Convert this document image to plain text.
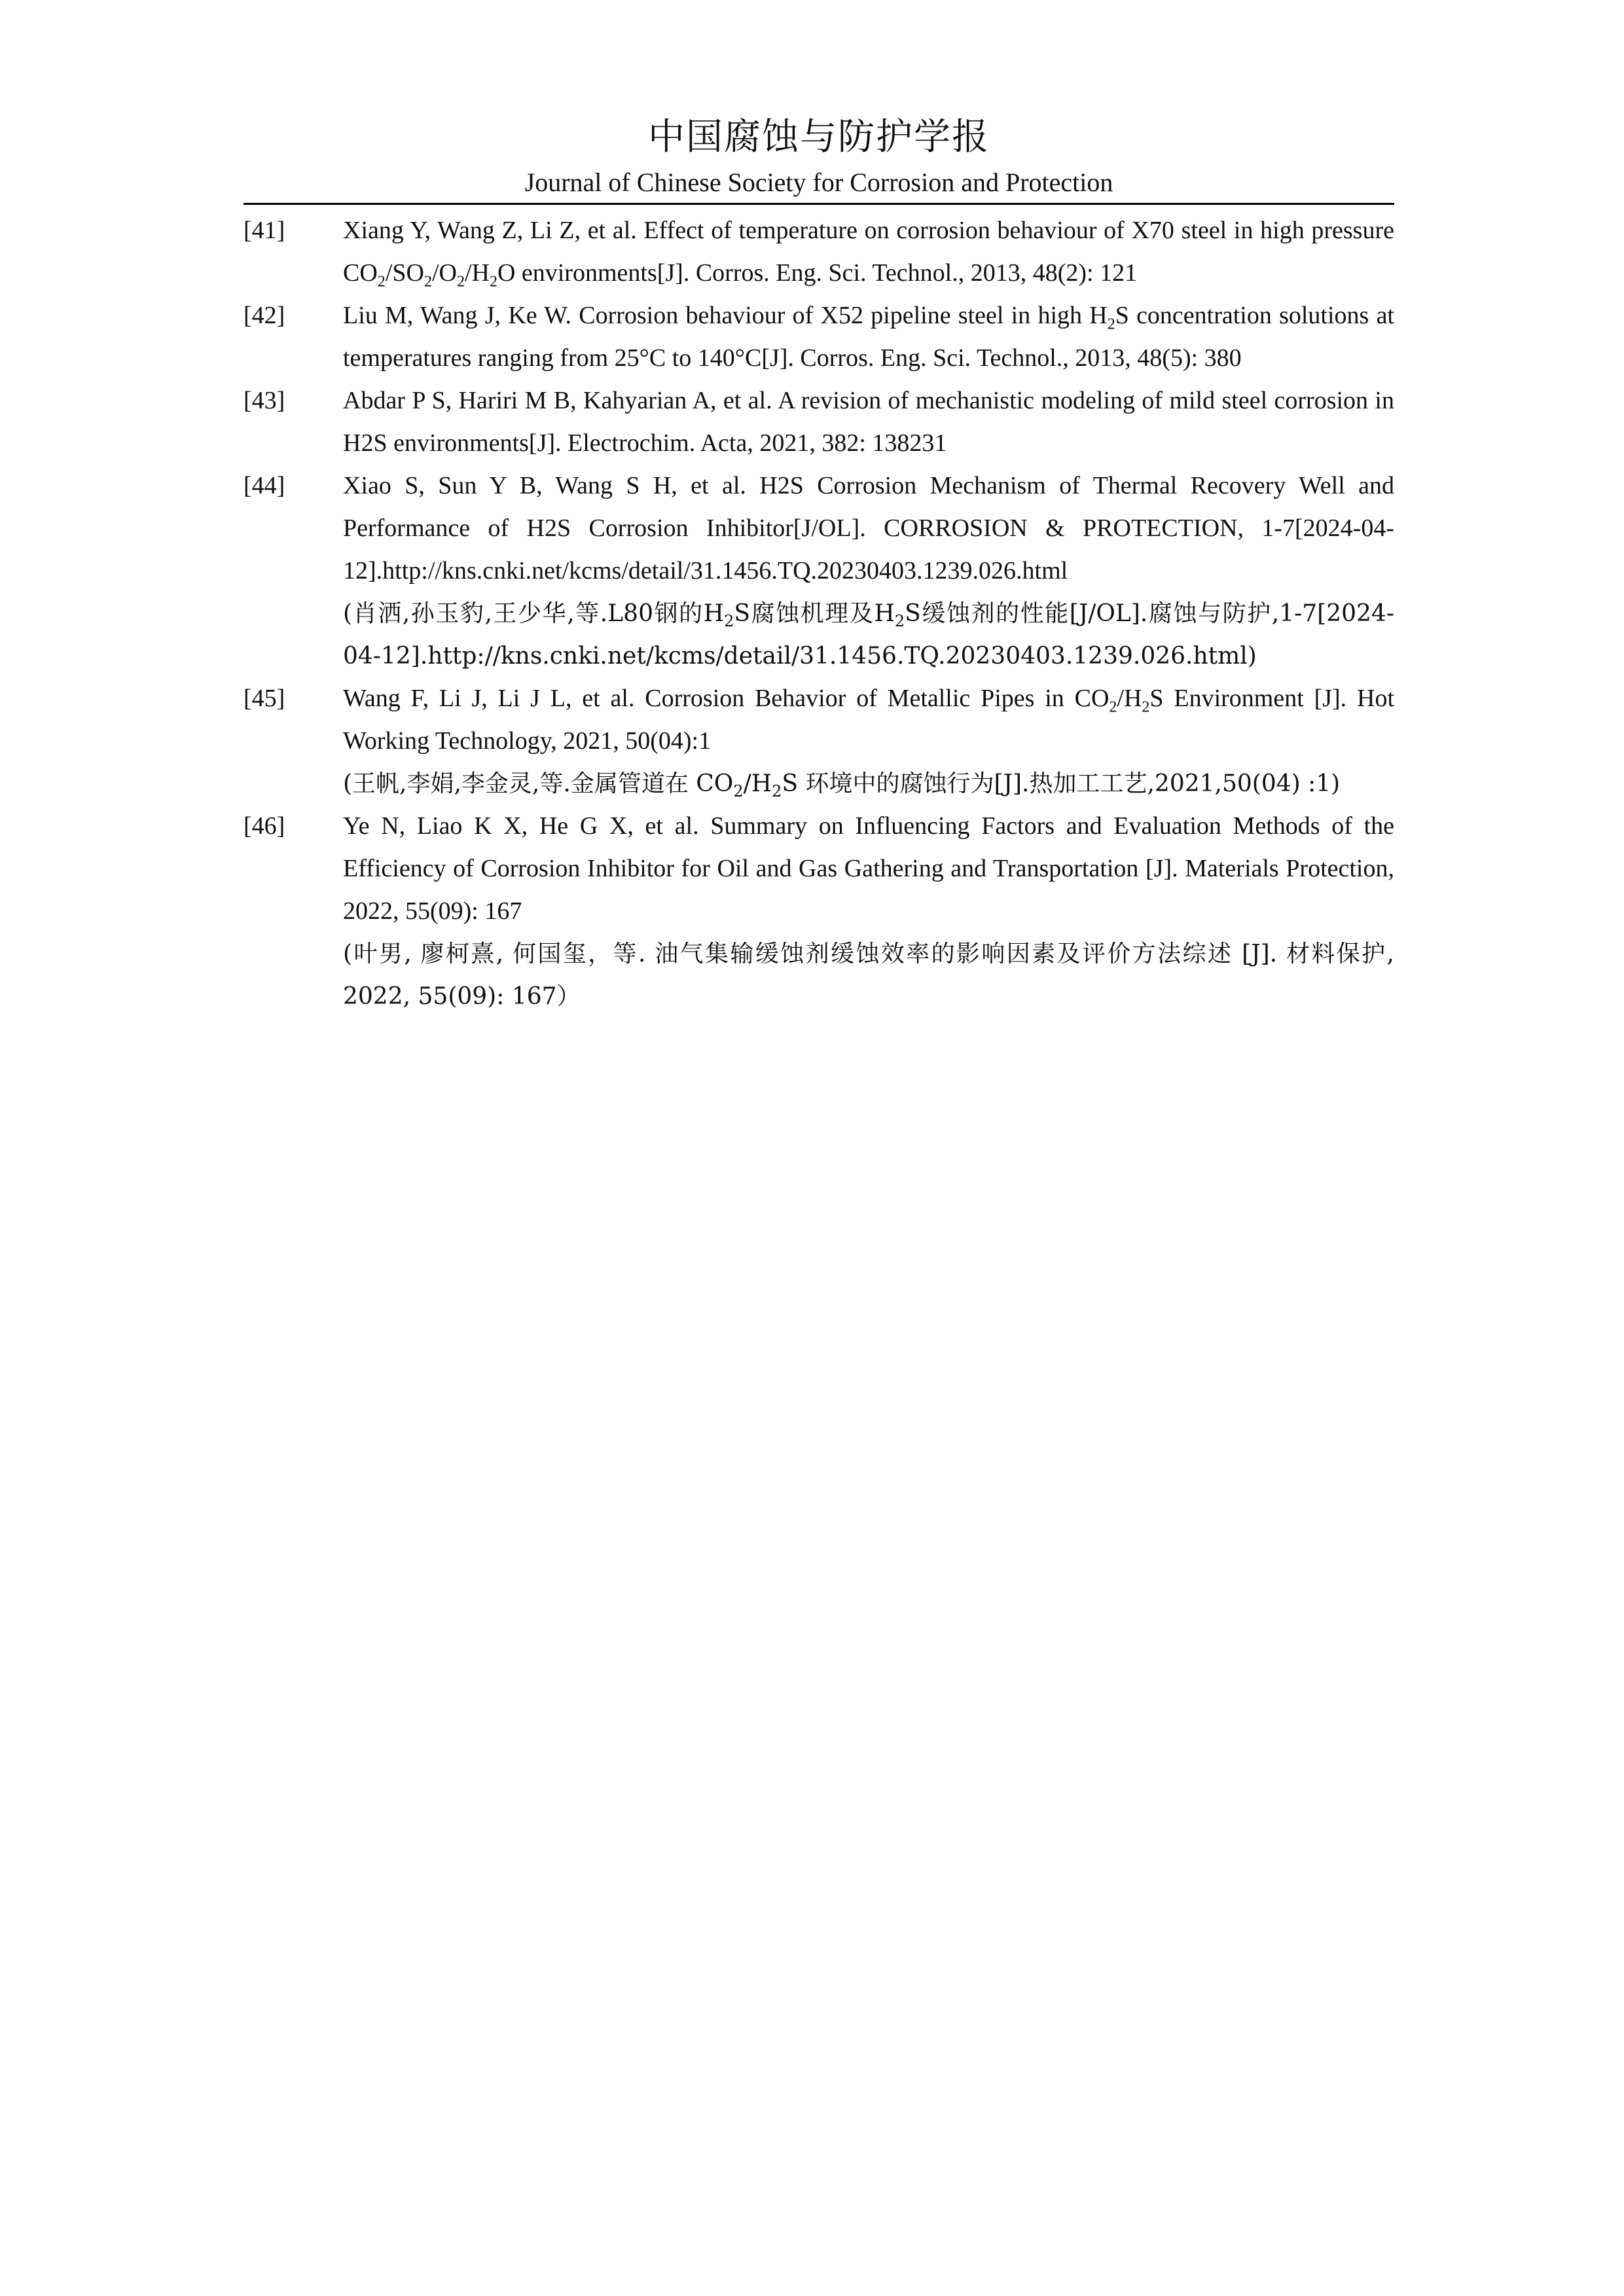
中国腐蚀与防护学报
Journal of Chinese Society for Corrosion and Protection
[41] Xiang Y, Wang Z, Li Z, et al. Effect of temperature on corrosion behaviour of X70 steel in high pressure $CO_2/SO_2/O_2/H_2O$ environments[J]. Corros. Eng. Sci. Technol., 2013, 48(2): 121
[42] Liu M, Wang J, Ke W. Corrosion behaviour of X52 pipeline steel in high $H_2S$ concentration solutions at temperatures ranging from 25°C to 140°C[J]. Corros. Eng. Sci. Technol., 2013, 48(5): 380
[43] Abdar P S, Hariri M B, Kahyarian A, et al. A revision of mechanistic modeling of mild steel corrosion in H2S environments[J]. Electrochim. Acta, 2021, 382: 138231
[44] Xiao S, Sun Y B, Wang S H, et al. H2S Corrosion Mechanism of Thermal Recovery Well and Performance of H2S Corrosion Inhibitor[J/OL]. CORROSION & PROTECTION, 1-7[2024-04-12].http://kns.cnki.net/kcms/detail/31.1456.TQ.20230403.1239.026.html
(肖洒,孙玉豹,王少华,等.L80钢的$H_2S$腐蚀机理及$H_2S$缓蚀剂的性能[J/OL].腐蚀与防护,1-7[2024-04-12].http://kns.cnki.net/kcms/detail/31.1456.TQ.20230403.1239.026.html)
[45] Wang F, Li J, Li J L, et al. Corrosion Behavior of Metallic Pipes in $CO_2/H_2S$ Environment [J]. Hot Working Technology, 2021, 50(04):1
(王帆,李娟,李金灵,等.金属管道在 $CO_2/H_2S$ 环境中的腐蚀行为[J].热加工工艺,2021,50(04) :1)
[46] Ye N, Liao K X, He G X, et al. Summary on Influencing Factors and Evaluation Methods of the Efficiency of Corrosion Inhibitor for Oil and Gas Gathering and Transportation [J]. Materials Protection, 2022, 55(09): 167
(叶男, 廖柯熹, 何国玺，等. 油气集输缓蚀剂缓蚀效率的影响因素及评价方法综述 [J]. 材料保护, 2022, 55(09): 167）
